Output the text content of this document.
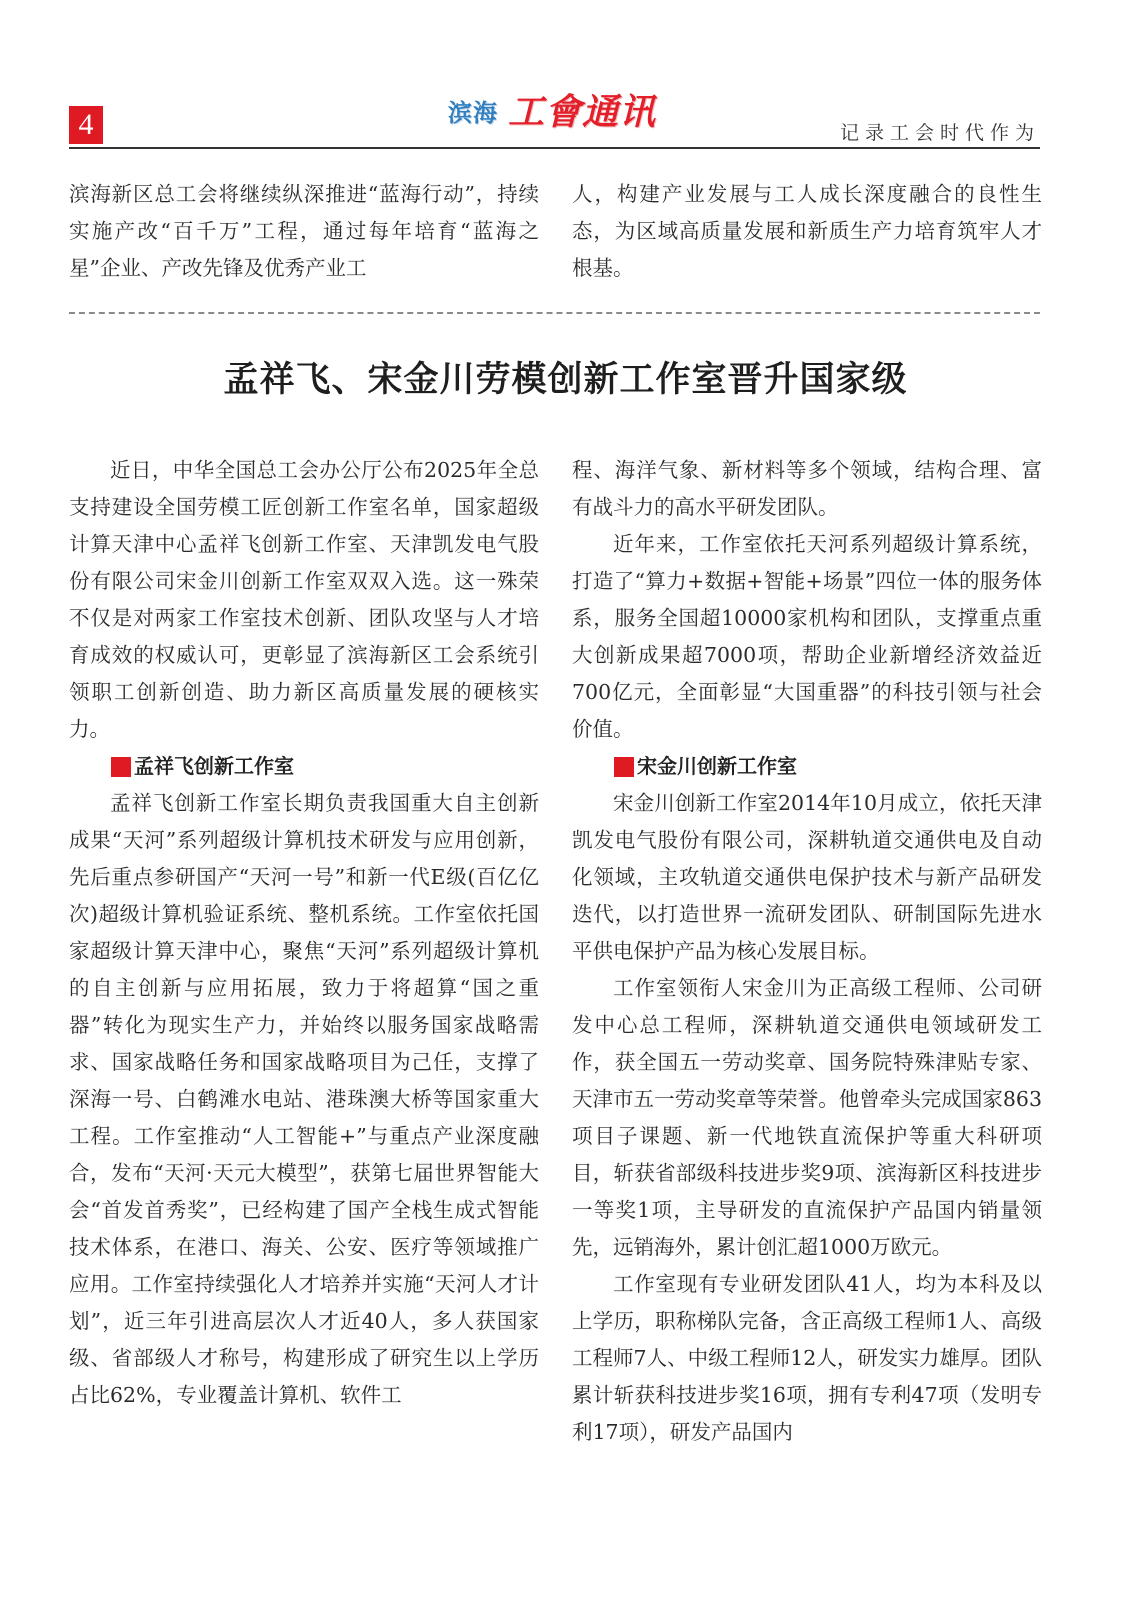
4	滨海 工會通讯	记录工会时代作为

滨海新区总工会将继续纵深推进“蓝海行动”，持续实施产改“百千万”工程，通过每年培育“蓝海之星”企业、产改先锋及优秀产业工

人，构建产业发展与工人成长深度融合的良性生态，为区域高质量发展和新质生产力培育筑牢人才根基。

孟祥飞、宋金川劳模创新工作室晋升国家级

近日，中华全国总工会办公厅公布2025年全总支持建设全国劳模工匠创新工作室名单，国家超级计算天津中心孟祥飞创新工作室、天津凯发电气股份有限公司宋金川创新工作室双双入选。这一殊荣不仅是对两家工作室技术创新、团队攻坚与人才培育成效的权威认可，更彰显了滨海新区工会系统引领职工创新创造、助力新区高质量发展的硬核实力。

孟祥飞创新工作室

孟祥飞创新工作室长期负责我国重大自主创新成果“天河”系列超级计算机技术研发与应用创新，先后重点参研国产“天河一号”和新一代E级(百亿亿次)超级计算机验证系统、整机系统。工作室依托国家超级计算天津中心，聚焦“天河”系列超级计算机的自主创新与应用拓展，致力于将超算“国之重器”转化为现实生产力，并始终以服务国家战略需求、国家战略任务和国家战略项目为己任，支撑了深海一号、白鹤滩水电站、港珠澳大桥等国家重大工程。工作室推动“人工智能+”与重点产业深度融合，发布“天河·天元大模型”，获第七届世界智能大会“首发首秀奖”，已经构建了国产全栈生成式智能技术体系，在港口、海关、公安、医疗等领域推广应用。工作室持续强化人才培养并实施“天河人才计划”，近三年引进高层次人才近40人，多人获国家级、省部级人才称号，构建形成了研究生以上学历占比62%，专业覆盖计算机、软件工

程、海洋气象、新材料等多个领域，结构合理、富有战斗力的高水平研发团队。

近年来，工作室依托天河系列超级计算系统，打造了“算力+数据+智能+场景”四位一体的服务体系，服务全国超10000家机构和团队，支撑重点重大创新成果超7000项，帮助企业新增经济效益近700亿元，全面彰显“大国重器”的科技引领与社会价值。

宋金川创新工作室

宋金川创新工作室2014年10月成立，依托天津凯发电气股份有限公司，深耕轨道交通供电及自动化领域，主攻轨道交通供电保护技术与新产品研发迭代，以打造世界一流研发团队、研制国际先进水平供电保护产品为核心发展目标。

工作室领衔人宋金川为正高级工程师、公司研发中心总工程师，深耕轨道交通供电领域研发工作，获全国五一劳动奖章、国务院特殊津贴专家、天津市五一劳动奖章等荣誉。他曾牵头完成国家863项目子课题、新一代地铁直流保护等重大科研项目，斩获省部级科技进步奖9项、滨海新区科技进步一等奖1项，主导研发的直流保护产品国内销量领先，远销海外，累计创汇超1000万欧元。

工作室现有专业研发团队41人，均为本科及以上学历，职称梯队完备，含正高级工程师1人、高级工程师7人、中级工程师12人，研发实力雄厚。团队累计斩获科技进步奖16项，拥有专利47项（发明专利17项），研发产品国内
